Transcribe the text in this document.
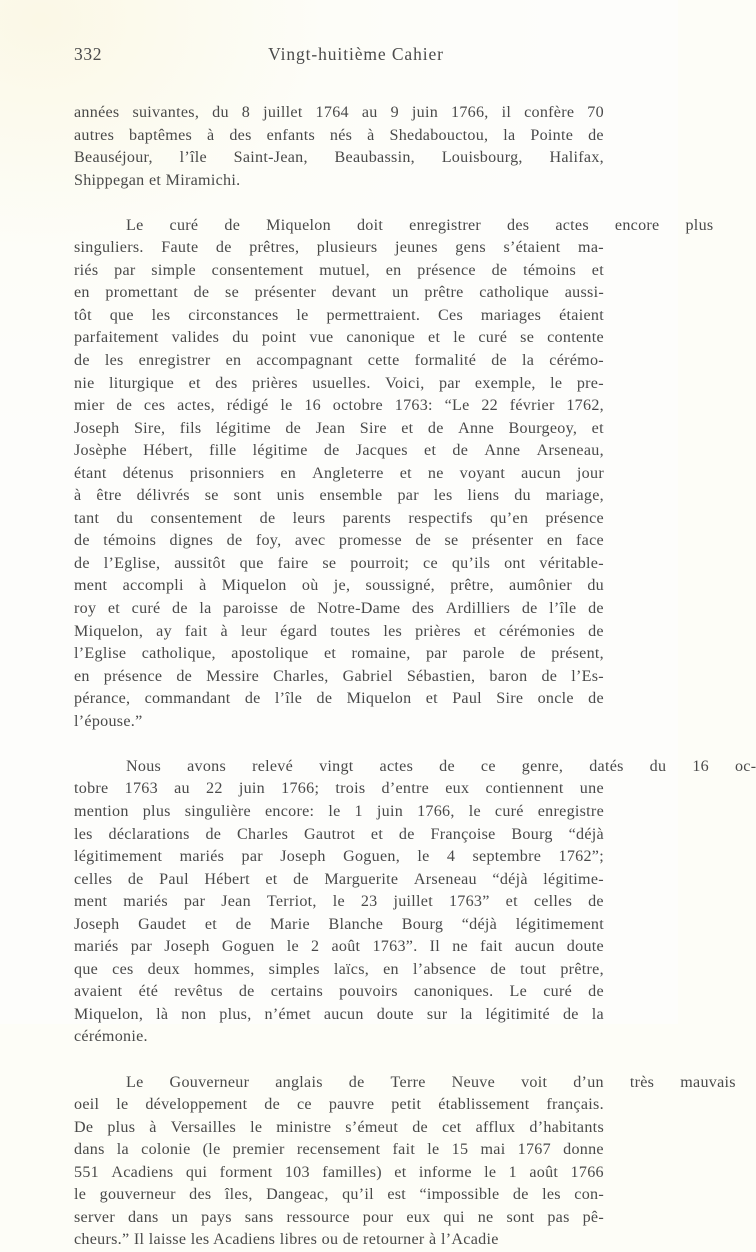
332	Vingt-huitième Cahier
années suivantes, du 8 juillet 1764 au 9 juin 1766, il confère 70
autres baptêmes à des enfants nés à Shedabouctou, la Pointe de
Beauséjour, l’île Saint-Jean, Beaubassin, Louisbourg, Halifax,
Shippegan et Miramichi.
Le	curé	de	Miquelon	doit	enregistrer	des	actes	encore	plus
singuliers. Faute de prêtres, plusieurs jeunes gens s’étaient ma-
riés par simple consentement mutuel, en présence de témoins et
en promettant de se présenter devant un prêtre catholique aussi-
tôt que les circonstances le permettraient. Ces mariages étaient
parfaitement valides du point vue canonique et le curé se contente
de les enregistrer en accompagnant cette formalité de la cérémo-
nie liturgique et des prières usuelles. Voici, par exemple, le pre-
mier de ces actes, rédigé le 16 octobre 1763: “Le 22 février 1762,
Joseph Sire, fils légitime de Jean Sire et de Anne Bourgeoy, et
Josèphe Hébert, fille légitime de Jacques et de Anne Arseneau,
étant détenus prisonniers en Angleterre et ne voyant aucun jour
à être délivrés se sont unis ensemble par les liens du mariage,
tant du consentement de leurs parents respectifs qu’en présence
de témoins dignes de foy, avec promesse de se présenter en face
de l’Eglise, aussitôt que faire se pourroit; ce qu’ils ont véritable-
ment accompli à Miquelon où je, soussigné, prêtre, aumônier du
roy et curé de la paroisse de Notre-Dame des Ardilliers de l’île de
Miquelon, ay fait à leur égard toutes les prières et cérémonies de
l’Eglise catholique, apostolique et romaine, par parole de présent,
en présence de Messire Charles, Gabriel Sébastien, baron de l’Es-
pérance, commandant de l’île de Miquelon et Paul Sire oncle de
l’épouse.”
Nous	avons	relevé	vingt	actes	de	ce	genre,	datés	du	16	oc-
tobre 1763 au 22 juin 1766; trois d’entre eux contiennent une
mention plus singulière encore: le 1 juin 1766, le curé enregistre
les déclarations de Charles Gautrot et de Françoise Bourg “déjà
légitimement mariés par Joseph Goguen, le 4 septembre 1762”;
celles de Paul Hébert et de Marguerite Arseneau “déjà légitime-
ment mariés par Jean Terriot, le 23 juillet 1763” et celles de
Joseph Gaudet et de Marie Blanche Bourg “déjà légitimement
mariés par Joseph Goguen le 2 août 1763”. Il ne fait aucun doute
que ces deux hommes, simples laïcs, en l’absence de tout prêtre,
avaient été revêtus de certains pouvoirs canoniques. Le curé de
Miquelon, là non plus, n’émet aucun doute sur la légitimité de la
cérémonie.
Le	Gouverneur	anglais	de	Terre	Neuve	voit	d’un	très	mauvais
oeil le développement de ce pauvre petit établissement français.
De plus à Versailles le ministre s’émeut de cet afflux d’habitants
dans la colonie (le premier recensement fait le 15 mai 1767 donne
551 Acadiens qui forment 103 familles) et informe le 1 août 1766
le gouverneur des îles, Dangeac, qu’il est “impossible de les con-
server dans un pays sans ressource pour eux qui ne sont pas pê-
cheurs.” Il laisse les Acadiens libres ou de retourner à l’Acadie
